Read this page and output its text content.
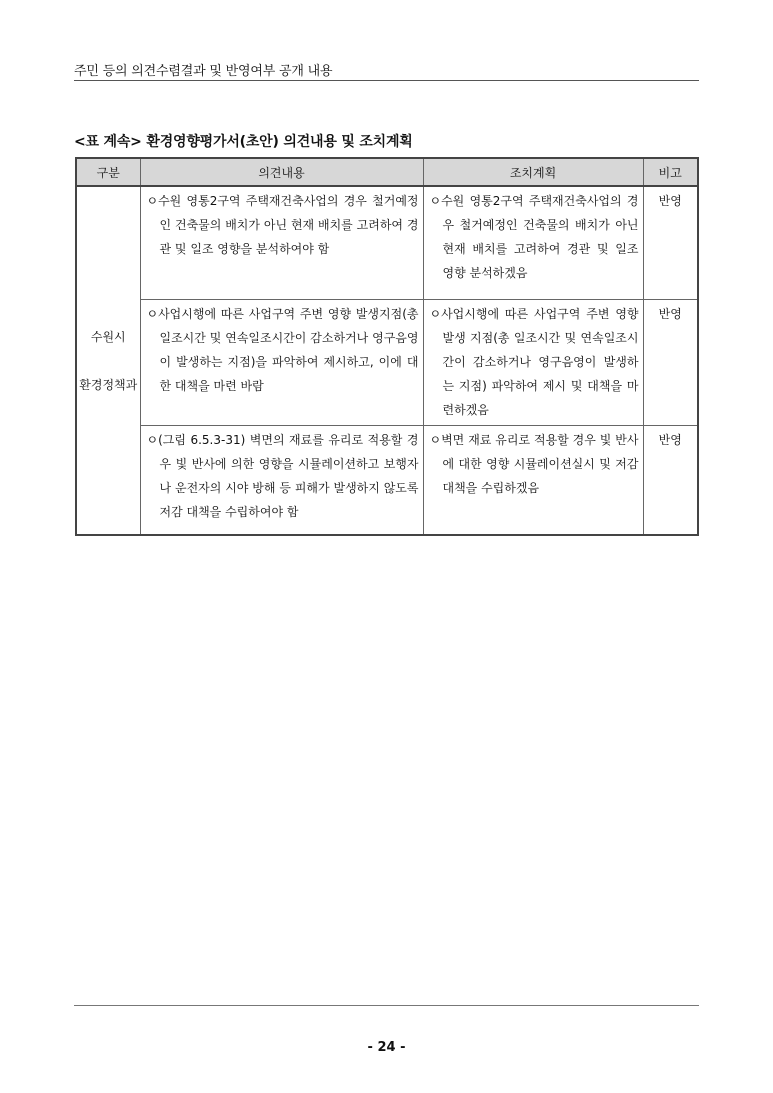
주민 등의 의견수렴결과 및 반영여부 공개 내용
<표 계속> 환경영향평가서(초안) 의견내용 및 조치계획
구분	의견내용	조치계획	비고

수원시
환경정책과	ㅇ수원 영통2구역 주택재건축사업의 경우 철거예정인 건축물의 배치가 아닌 현재 배치를 고려하여 경관 및 일조 영향을 분석하여야 함	ㅇ수원 영통2구역 주택재건축사업의 경우 철거예정인 건축물의 배치가 아닌 현재 배치를 고려하여 경관 및 일조 영향 분석하겠음	반영

	ㅇ사업시행에 따른 사업구역 주변 영향 발생지점(총일조시간 및 연속일조시간이 감소하거나 영구음영이 발생하는 지점)을 파악하여 제시하고, 이에 대한 대책을 마련 바람	ㅇ사업시행에 따른 사업구역 주변 영향 발생 지점(총 일조시간 및 연속일조시간이 감소하거나 영구음영이 발생하는 지점) 파악하여 제시 및 대책을 마련하겠음	반영

	ㅇ(그림 6.5.3-31) 벽면의 재료를 유리로 적용할 경우 빛 반사에 의한 영향을 시뮬레이션하고 보행자나 운전자의 시야 방해 등 피해가 발생하지 않도록 저감 대책을 수립하여야 함	ㅇ벽면 재료 유리로 적용할 경우 빛 반사에 대한 영향 시뮬레이션실시 및 저감대책을 수립하겠음	반영
- 24 -
